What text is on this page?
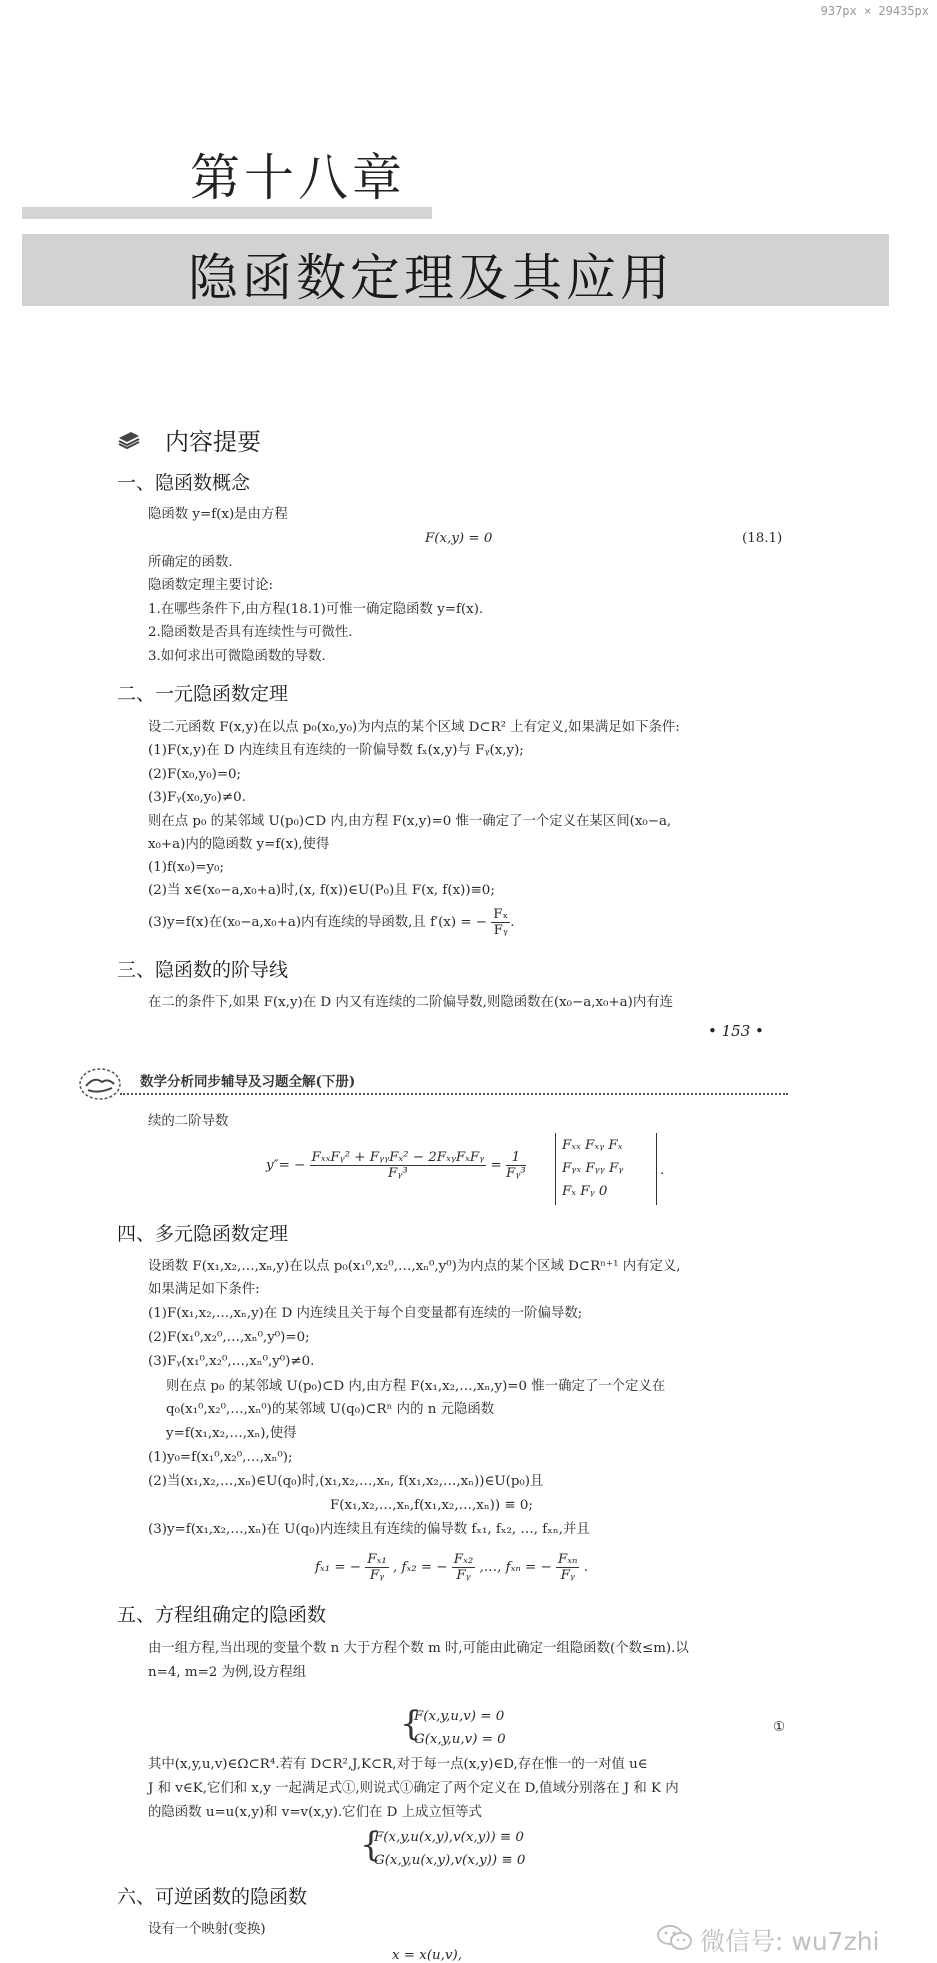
937px × 29435px
第十八章
隐函数定理及其应用
内容提要
一、隐函数概念
隐函数 y=f(x)是由方程
F(x,y) = 0	(18.1)
所确定的函数.
隐函数定理主要讨论:
1.在哪些条件下,由方程(18.1)可惟一确定隐函数 y=f(x).
2.隐函数是否具有连续性与可微性.
3.如何求出可微隐函数的导数.
二、一元隐函数定理
设二元函数 F(x,y)在以点 p₀(x₀,y₀)为内点的某个区域 D⊂R² 上有定义,如果满足如下条件:
(1)F(x,y)在 D 内连续且有连续的一阶偏导数 fₓ(x,y)与 Fᵧ(x,y);
(2)F(x₀,y₀)=0;
(3)Fᵧ(x₀,y₀)≠0.
则在点 p₀ 的某邻域 U(p₀)⊂D 内,由方程 F(x,y)=0 惟一确定了一个定义在某区间(x₀−a,
x₀+a)内的隐函数 y=f(x),使得
(1)f(x₀)=y₀;
(2)当 x∈(x₀−a,x₀+a)时,(x, f(x))∈U(P₀)且 F(x, f(x))≡0;
(3)y=f(x)在(x₀−a,x₀+a)内有连续的导函数,且 f′(x) = − $\frac{\text{Fₓ}}{\text{Fᵧ}}$ .
三、隐函数的阶导线
在二的条件下,如果 F(x,y)在 D 内又有连续的二阶偏导数,则隐函数在(x₀−a,x₀+a)内有连
• 153 •
数学分析同步辅导及习题全解(下册)
续的二阶导数
$y''= - \frac{\text{FₓₓFᵧ² + FᵧᵧFₓ² − 2FₓᵧFₓFᵧ}}{\text{Fᵧ³}} = \frac{1}{\text{Fᵧ³}}$
Fₓₓ Fₓᵧ Fₓ
Fᵧₓ Fᵧᵧ Fᵧ
Fₓ Fᵧ 0
.
四、多元隐函数定理
设函数 F(x₁,x₂,…,xₙ,y)在以点 p₀(x₁⁰,x₂⁰,…,xₙ⁰,y⁰)为内点的某个区域 D⊂Rⁿ⁺¹ 内有定义,
如果满足如下条件:
(1)F(x₁,x₂,…,xₙ,y)在 D 内连续且关于每个自变量都有连续的一阶偏导数;
(2)F(x₁⁰,x₂⁰,…,xₙ⁰,y⁰)=0;
(3)Fᵧ(x₁⁰,x₂⁰,…,xₙ⁰,y⁰)≠0.
则在点 p₀ 的某邻域 U(p₀)⊂D 内,由方程 F(x₁,x₂,…,xₙ,y)=0 惟一确定了一个定义在
q₀(x₁⁰,x₂⁰,…,xₙ⁰)的某邻域 U(q₀)⊂Rⁿ 内的 n 元隐函数
y=f(x₁,x₂,…,xₙ),使得
(1)y₀=f(x₁⁰,x₂⁰,…,xₙ⁰);
(2)当(x₁,x₂,…,xₙ)∈U(q₀)时,(x₁,x₂,…,xₙ, f(x₁,x₂,…,xₙ))∈U(p₀)且
F(x₁,x₂,…,xₙ,f(x₁,x₂,…,xₙ)) ≡ 0;
(3)y=f(x₁,x₂,…,xₙ)在 U(q₀)内连续且有连续的偏导数 fₓ₁, fₓ₂, …, fₓₙ,并且
fₓ₁ = − $\frac{\text{Fₓ₁}}{\text{Fᵧ}}$ , fₓ₂ = − $\frac{\text{Fₓ₂}}{\text{Fᵧ}}$ ,…, fₓₙ = − $\frac{\text{Fₓₙ}}{\text{Fᵧ}}$ .
五、方程组确定的隐函数
由一组方程,当出现的变量个数 n 大于方程个数 m 时,可能由此确定一组隐函数(个数≤m).以
n=4, m=2 为例,设方程组
{
F(x,y,u,v) = 0
G(x,y,u,v) = 0
①
其中(x,y,u,v)∈Ω⊂R⁴.若有 D⊂R²,J,K⊂R,对于每一点(x,y)∈D,存在惟一的一对值 u∈
J 和 v∈K,它们和 x,y 一起满足式①,则说式①确定了两个定义在 D,值域分别落在 J 和 K 内
的隐函数 u=u(x,y)和 v=v(x,y).它们在 D 上成立恒等式
{
F(x,y,u(x,y),v(x,y)) ≡ 0
G(x,y,u(x,y),v(x,y)) ≡ 0
六、可逆函数的隐函数
设有一个映射(变换)
x = x(u,v),	微信号: wu7zhi
